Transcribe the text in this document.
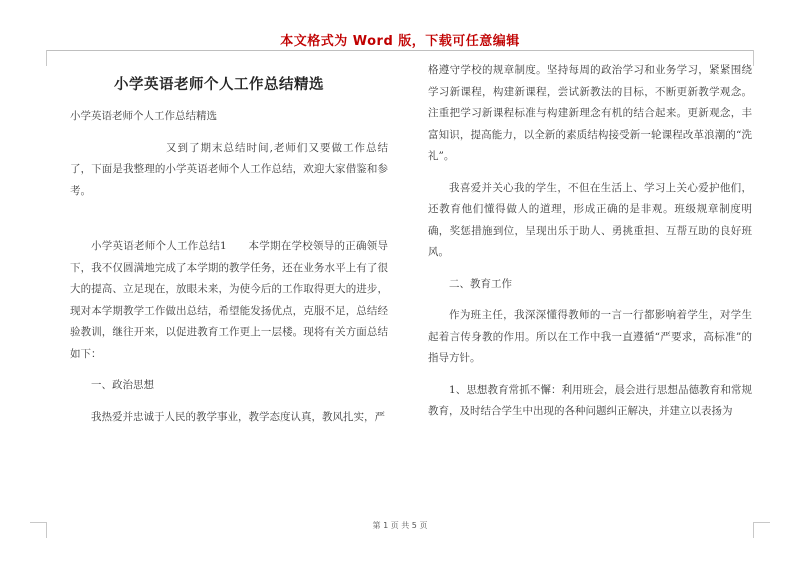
本文格式为 Word 版，下载可任意编辑
小学英语老师个人工作总结精选

小学英语老师个人工作总结精选

又到了期末总结时间,老师们又要做工作总结了，下面是我整理的小学英语老师个人工作总结，欢迎大家借鉴和参考。

小学英语老师个人工作总结1　　本学期在学校领导的正确领导下，我不仅圆满地完成了本学期的教学任务，还在业务水平上有了很大的提高、立足现在，放眼未来，为使今后的工作取得更大的进步，现对本学期教学工作做出总结，希望能发扬优点，克服不足，总结经验教训，继往开来，以促进教育工作更上一层楼。现将有关方面总结如下：

一、政治思想

我热爱并忠诚于人民的教学事业，教学态度认真，教风扎实，严

格遵守学校的规章制度。坚持每周的政治学习和业务学习，紧紧围绕学习新课程，构建新课程，尝试新教法的目标，不断更新教学观念。注重把学习新课程标准与构建新理念有机的结合起来。更新观念，丰富知识，提高能力，以全新的素质结构接受新一轮课程改革浪潮的“洗礼”。

我喜爱并关心我的学生，不但在生活上、学习上关心爱护他们，还教育他们懂得做人的道理，形成正确的是非观。班级规章制度明确，奖惩措施到位，呈现出乐于助人、勇挑重担、互帮互助的良好班风。

二、教育工作

作为班主任，我深深懂得教师的一言一行都影响着学生，对学生起着言传身教的作用。所以在工作中我一直遵循“严要求，高标准”的指导方针。

1、思想教育常抓不懈：利用班会，晨会进行思想品德教育和常规教育，及时结合学生中出现的各种问题纠正解决，并建立以表扬为

第 1 页 共 5 页
